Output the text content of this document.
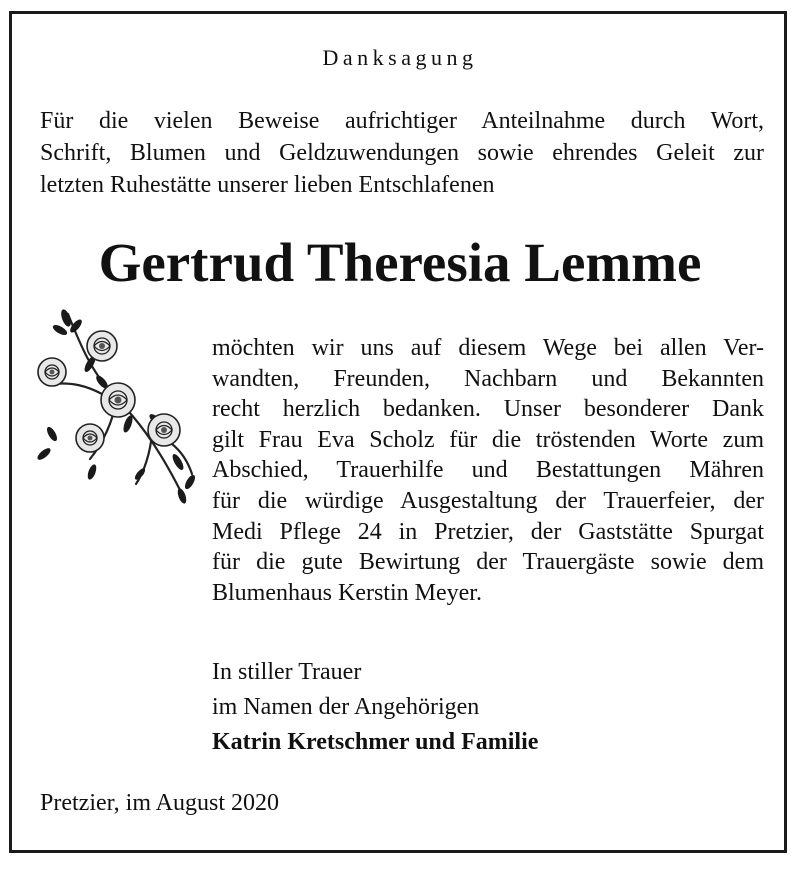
Danksagung
Für die vielen Beweise aufrichtiger Anteilnahme durch Wort,
Schrift, Blumen und Geldzuwendungen sowie ehrendes Geleit zur
letzten Ruhestätte unserer lieben Entschlafenen
Gertrud Theresia Lemme
möchten wir uns auf diesem Wege bei allen Ver-
wandten, Freunden, Nachbarn und Bekannten
recht herzlich bedanken. Unser besonderer Dank
gilt Frau Eva Scholz für die tröstenden Worte zum
Abschied, Trauerhilfe und Bestattungen Mähren
für die würdige Ausgestaltung der Trauerfeier, der
Medi Pflege 24 in Pretzier, der Gaststätte Spurgat
für die gute Bewirtung der Trauergäste sowie dem
Blumenhaus Kerstin Meyer.
In stiller Trauer
im Namen der Angehörigen
Katrin Kretschmer und Familie
Pretzier, im August 2020
